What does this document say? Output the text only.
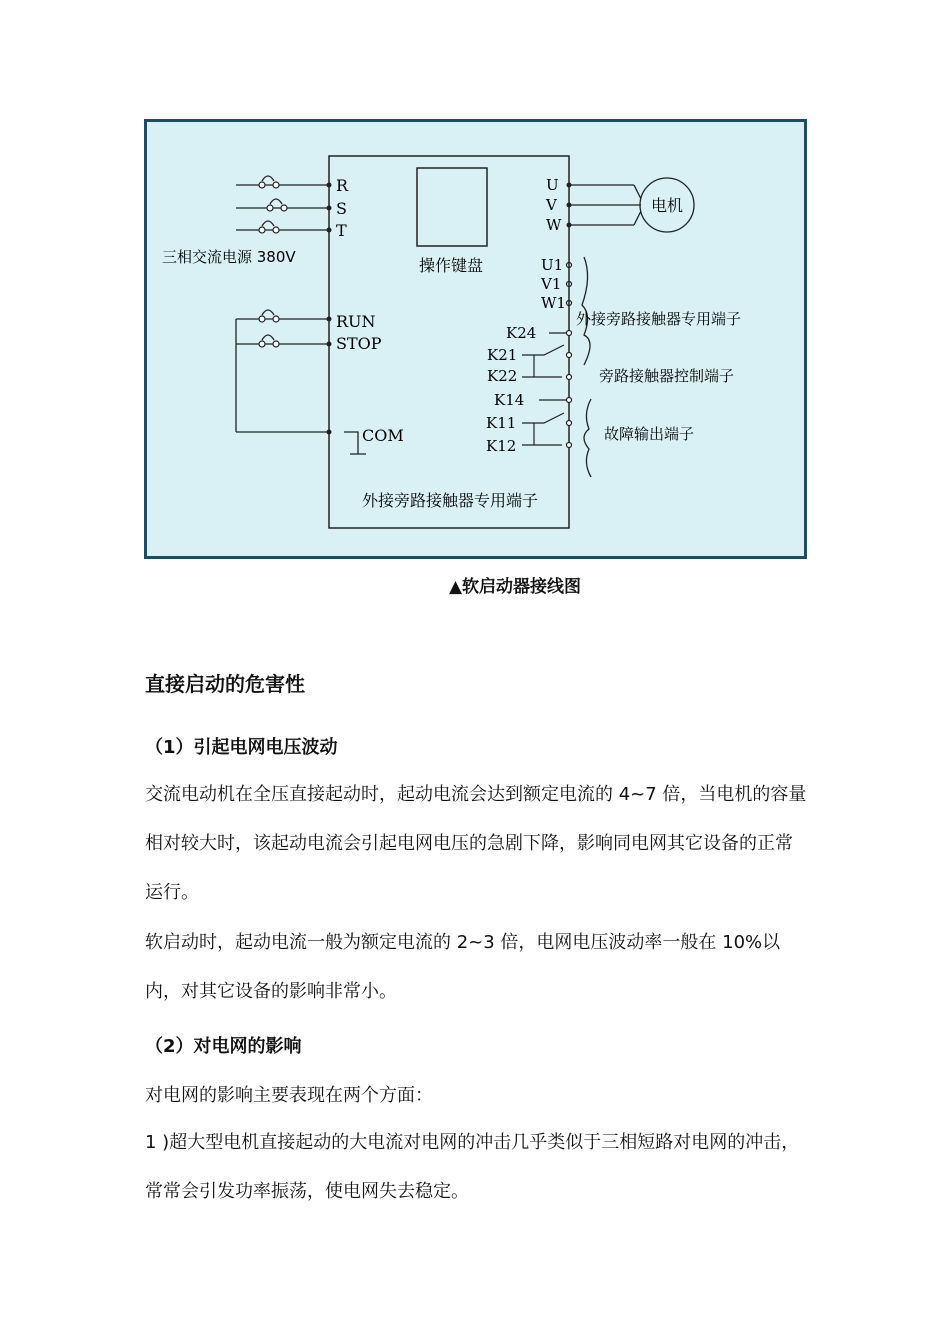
操作键盘
R
S
T
三相交流电源 380V
RUN
STOP
COM
U
V
W
电机
U1
V1
W1
K24
K21
K22
K14
K11
K12
外接旁路接触器专用端子
旁路接触器控制端子
故障输出端子
外接旁路接触器专用端子
▲软启动器接线图
直接启动的危害性
（1）引起电网电压波动
交流电动机在全压直接起动时，起动电流会达到额定电流的 4~7 倍，当电机的容量相对较大时，该起动电流会引起电网电压的急剧下降，影响同电网其它设备的正常运行。
软启动时，起动电流一般为额定电流的 2~3 倍，电网电压波动率一般在 10%以内，对其它设备的影响非常小。
（2）对电网的影响
对电网的影响主要表现在两个方面：
1 )超大型电机直接起动的大电流对电网的冲击几乎类似于三相短路对电网的冲击，常常会引发功率振荡，使电网失去稳定。
